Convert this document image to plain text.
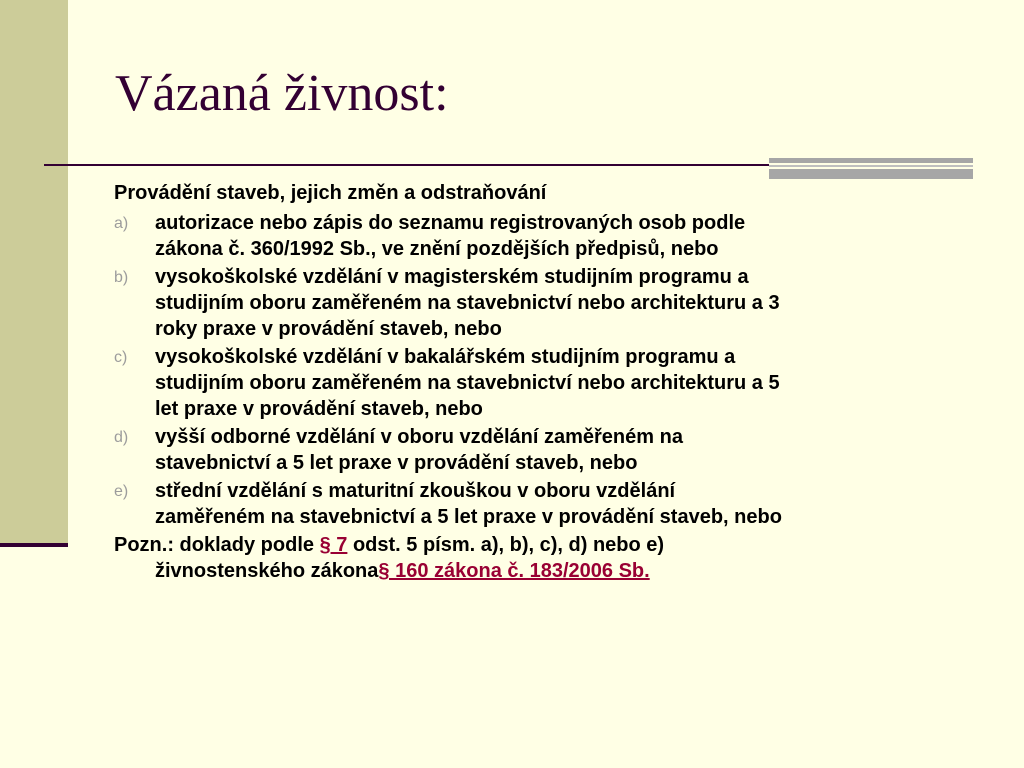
Vázaná živnost:

Provádění staveb, jejich změn a odstraňování

a) autorizace nebo zápis do seznamu registrovaných osob podle
zákona č. 360/1992 Sb., ve znění pozdějších předpisů, nebo
b) vysokoškolské vzdělání v magisterském studijním programu a
studijním oboru zaměřeném na stavebnictví nebo architekturu a 3
roky praxe v provádění staveb, nebo
c) vysokoškolské vzdělání v bakalářském studijním programu a
studijním oboru zaměřeném na stavebnictví nebo architekturu a 5
let praxe v provádění staveb, nebo
d) vyšší odborné vzdělání v oboru vzdělání zaměřeném na
stavebnictví a 5 let praxe v provádění staveb, nebo
e) střední vzdělání s maturitní zkouškou v oboru vzdělání
zaměřeném na stavebnictví a 5 let praxe v provádění staveb, nebo
Pozn.: doklady podle § 7 odst. 5 písm. a), b), c), d) nebo e)
živnostenského zákona§ 160 zákona č. 183/2006 Sb.
